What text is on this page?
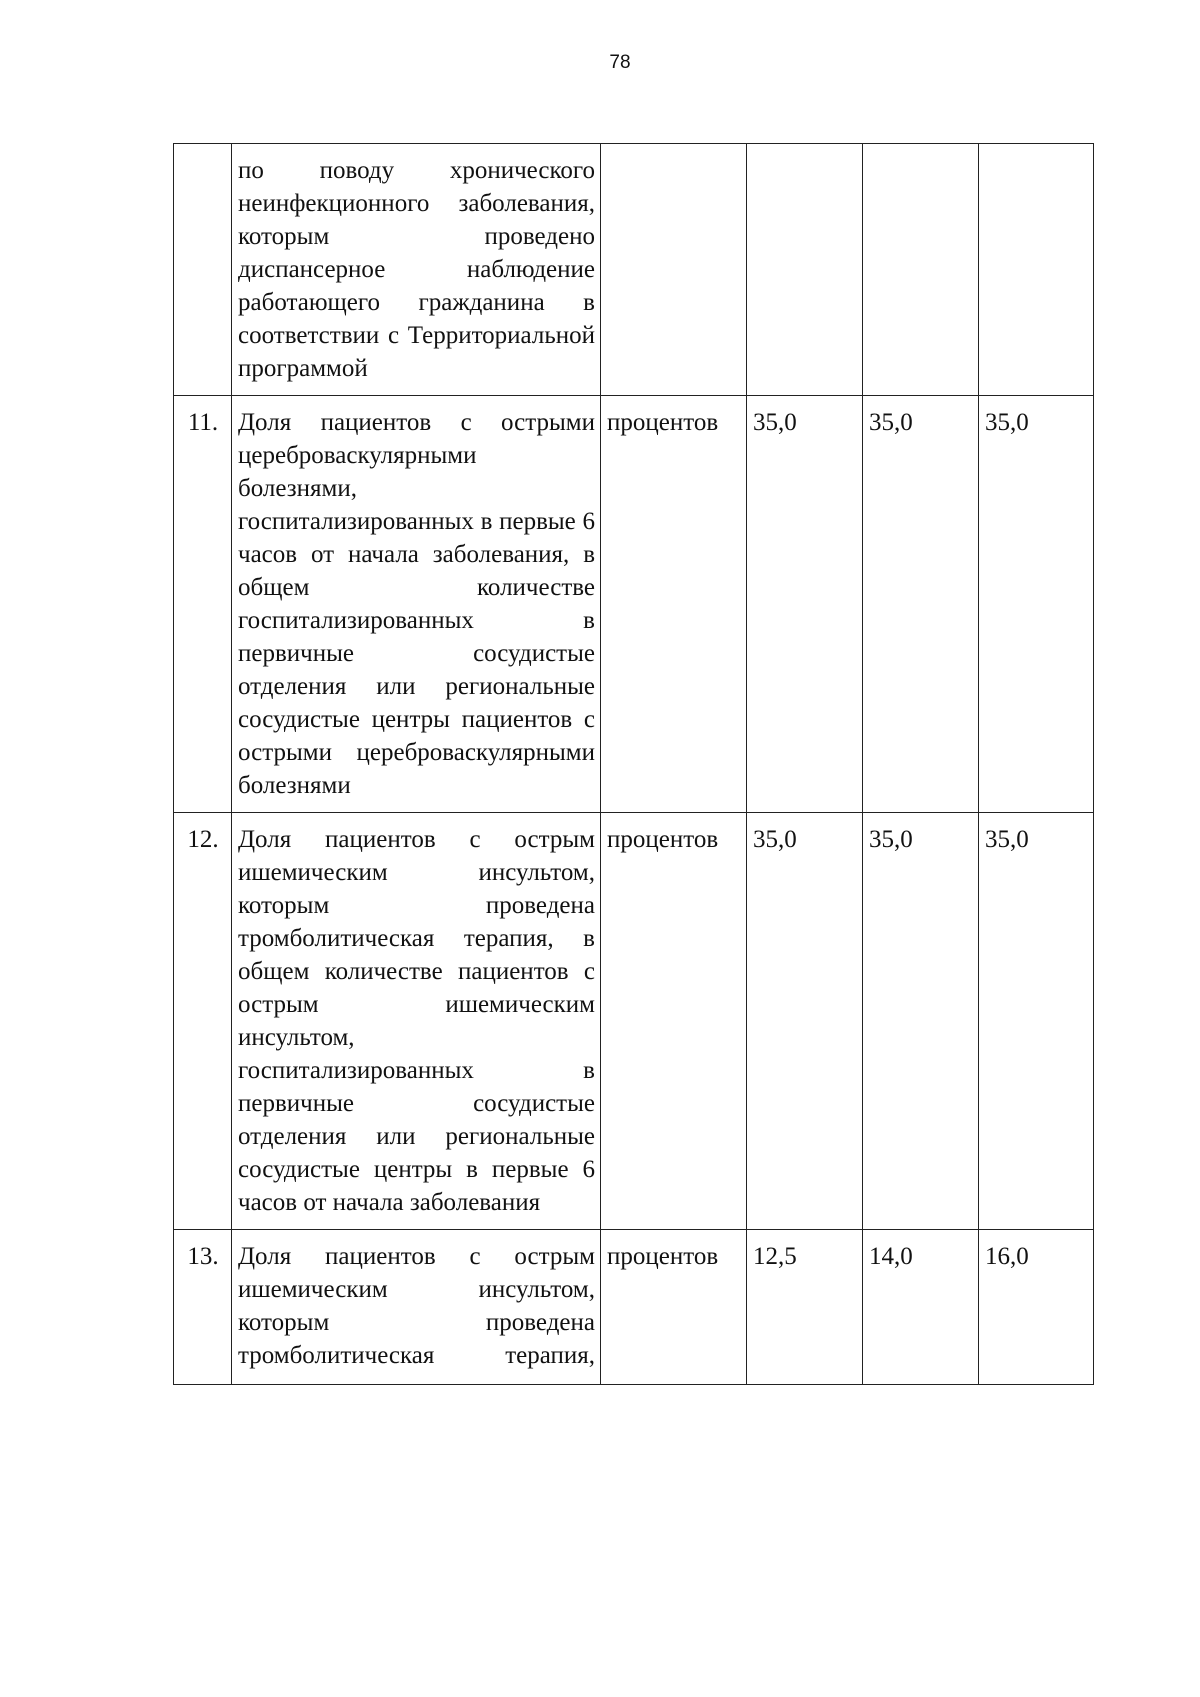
78
	по поводу хронического неинфекционного заболевания, которым проведено диспансерное наблюдение работающего гражданина в соответствии с Территориальной программой				
11.	Доля пациентов с острыми цереброваскулярными болезнями, госпитализированных в первые 6 часов от начала заболевания, в общем количестве госпитализированных в первичные сосудистые отделения или региональные сосудистые центры пациентов с острыми цереброваскулярными болезнями	процентов	35,0	35,0	35,0
12.	Доля пациентов с острым ишемическим инсультом, которым проведена тромболитическая терапия, в общем количестве пациентов с острым ишемическим инсультом, госпитализированных в первичные сосудистые отделения или региональные сосудистые центры в первые 6 часов от начала заболевания	процентов	35,0	35,0	35,0
13.	Доля пациентов с острым ишемическим инсультом, которым проведена тромболитическая терапия,	процентов	12,5	14,0	16,0
